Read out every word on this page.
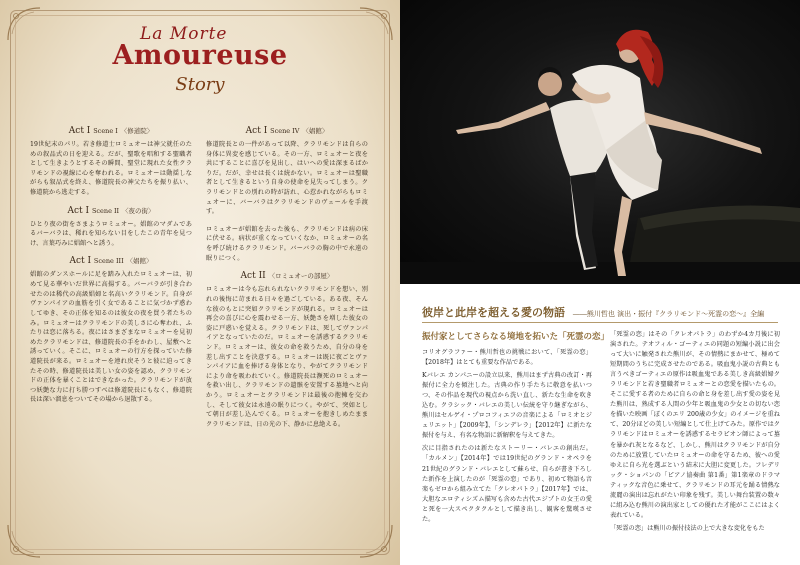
La Morte
Amoureuse
Story
Act I Scene I 〈修道院〉
19世紀末のパリ。若き修道士ロミュオーは神父就任のための叙品式の日を迎える。だが、聖歌を唱和する聖職者として生きようとするその瞬間、聖堂に現れた女性クラリモンドの視線に心を奪われる。ロミュオーは動揺しながらも叙品式を終え、修道院長の神父たちを振り払い、修道院から逃走する。
Act I Scene II 〈夜の街〉
ひとり夜の街をさまようロミュオー。娼館のマダムであるバーバラは、稀れを知らない目をしたこの青年を見つけ、言葉巧みに娼館へと誘う。
Act I Scene III 〈娼館〉
娼館のダンスホールに足を踏み入れたロミュオーは、初めて見る華やいだ世界に高揚する。バーバラが引き合わせたのは稀代の高級娼婦と名高いクラリモンド。自身がヴァンパイアの血筋を引く女であることに気づかず惑わしてゆき、その正体を知るのは彼女の夜を買う者たちのみ。ロミュオーはクラリモンドの美しさに心奪われ、ふたりは恋に落ちる。夜にはさまざまなロミュオーを見初めたクラリモンドは、修道院長の手をかわし、屋敷へと誘っていく。そこに、ロミュオーの行方を探っていた修道院長が来る。ロミュオーを連れ戻そうと彼に迫ってきたその時、修道院長は美しい女の姿を認め、クラリモンドの正体を暴くことはできなかった。クラリモンドが放つ妖艶な力に打ち勝つすべは修道院長にもなく、修道院長は深い溜息をついてその場から退散する。
Act I Scene IV 〈娼館〉
修道院長との一件があって以降、クラリモンドは自らの身体に異変を感じている。その一方、ロミュオーと夜を共にすることに喜びを見出し、はいへの愛は深まるばかりだ。だが、幸せは長くは続かない。ロミュオーは聖職者として生きるという自身の使命を見失ってしまう。クラリモンドとの別れの時が訪れ、心惹かれながらもロミュオーに、バーバラはクラリモンドのヴェールを手渡す。
ロミュオーが娼館を去った後も、クラリモンドは病の床に伏せる。病状が重くなっていくなか、ロミュオーの名を呼び続けるクラリモンド。バーバラの胸の中で永遠の眠りにつく。
Act II 〈ロミュオーの部屋〉
ロミュオーは今も忘れられないクラリモンドを想い、別れの後悔に苛まれる日々を過ごしている。ある夜、そんな彼のもとに突如クラリモンドが現れる。ロミュオーは再会の喜びに心を震わせる一方、妖艶さを増した彼女の姿に戸惑いを覚える。クラリモンドは、死してヴァンパイアとなっていたのだ。ロミュオーを誘惑するクラリモンド。ロミュオーは、彼女の命を救うため、自分の身を差し出すことを決意する。ロミュオーは既に夜ごとヴァンパイアに血を捧げる身体となり、やがてクラリモンドにより命を吸われていく。修道院長は瀕死のロミュオーを救い出し、クラリモンドの遺骸を安置する墓地へと向かう。ロミュオーとクラリモンドは最後の抱擁を交わし、そして彼女は永遠の眠りにつく。やがて、突如として朝日が差し込んでくる。ロミュオーを抱きしめたままクラリモンドは、日の光の下、静かに息絶える。
彼岸と此岸を超える愛の物語 ――熊川哲也 演出・振付『クラリモンド〜死霊の恋〜』全編
振付家としてさらなる境地を拓いた「死霊の恋」

コリオグラファー・熊川哲也の挑戦において、「死霊の恋」【2018年】はとても重要な作品である。

Kバレエ カンパニーの設立以来、熊川はまず古典の改訂・再振付に全力を傾注した。古典の作り手たちに敬意を払いつつ、その作品を現代の視点から洗い直し、新たな生命を吹き込む。クラシック・バレエの美しい伝統を守り継ぎながら、熊川はセルゲイ・プロコフィエフの音楽による「ロミオとジュリエット」【2009年】、「シンデレラ」【2012年】に新たな振付を与え、有名な物語に新解釈を与えてきた。

次に目指されたのは新たなストーリー・バレエの創出だ。「カルメン」【2014年】では19世紀のグランド・オペラを21世紀のグランド・バレエとして蘇らせ、自らが書き下ろした新作を上演したのが「死霊の恋」であり、初めて物語も音楽もゼロから組み立てた「クレオパトラ」【2017年】では、大胆なエロティシズム描写も含めた古代エジプトの女王の愛と死を一大スペクタクルとして描き出し、観客を驚嘆させた。

「死霊の恋」はその「クレオパトラ」のわずか4カ月後に初演された。テオフィル・ゴーティエの同題の短編小説に出会って大いに触発された熊川が、その情熱にまかせて、極めて短期間のうちに完成させたのである。吸血鬼小説の古典とも言うべきゴーティエの原作は吸血鬼である美しき高級娼婦クラリモンドと若き聖職者ロミュオーとの恋愛を描いたもの。そこに愛する者のために自らの命と身を差し出す愛の姿を見た熊川は、熟成する人間の少年と吸血鬼の少女との切ない恋を描いた映画「ぼくのエリ 200歳の少女」のイメージを重ねて、20分ほどの美しい短編として仕上げてみた。原作ではクラリモンドはロミュオーを誘惑するセラピオン師によって墓を暴かれ灰となるなど、しかし、熊川はクラリモンドが自分のために放置していたロミュオーの命を守るため、彼への愛ゆえに自ら光を選ぶという結末に大胆に変更した。フレデリック・ショパンの「ピアノ協奏曲 第1番」第1楽章のドラマティックな音色に乗せて、クラリモンドの耳元を踊る情熱な流麗の演出は忘れがたい印象を残す。美しい舞台装置の数々に組み込む熊川の演出家としての優れた才能がここにはよく表れている。

「死霊の恋」は熊川の振付技法の上で大きな変化をもた
